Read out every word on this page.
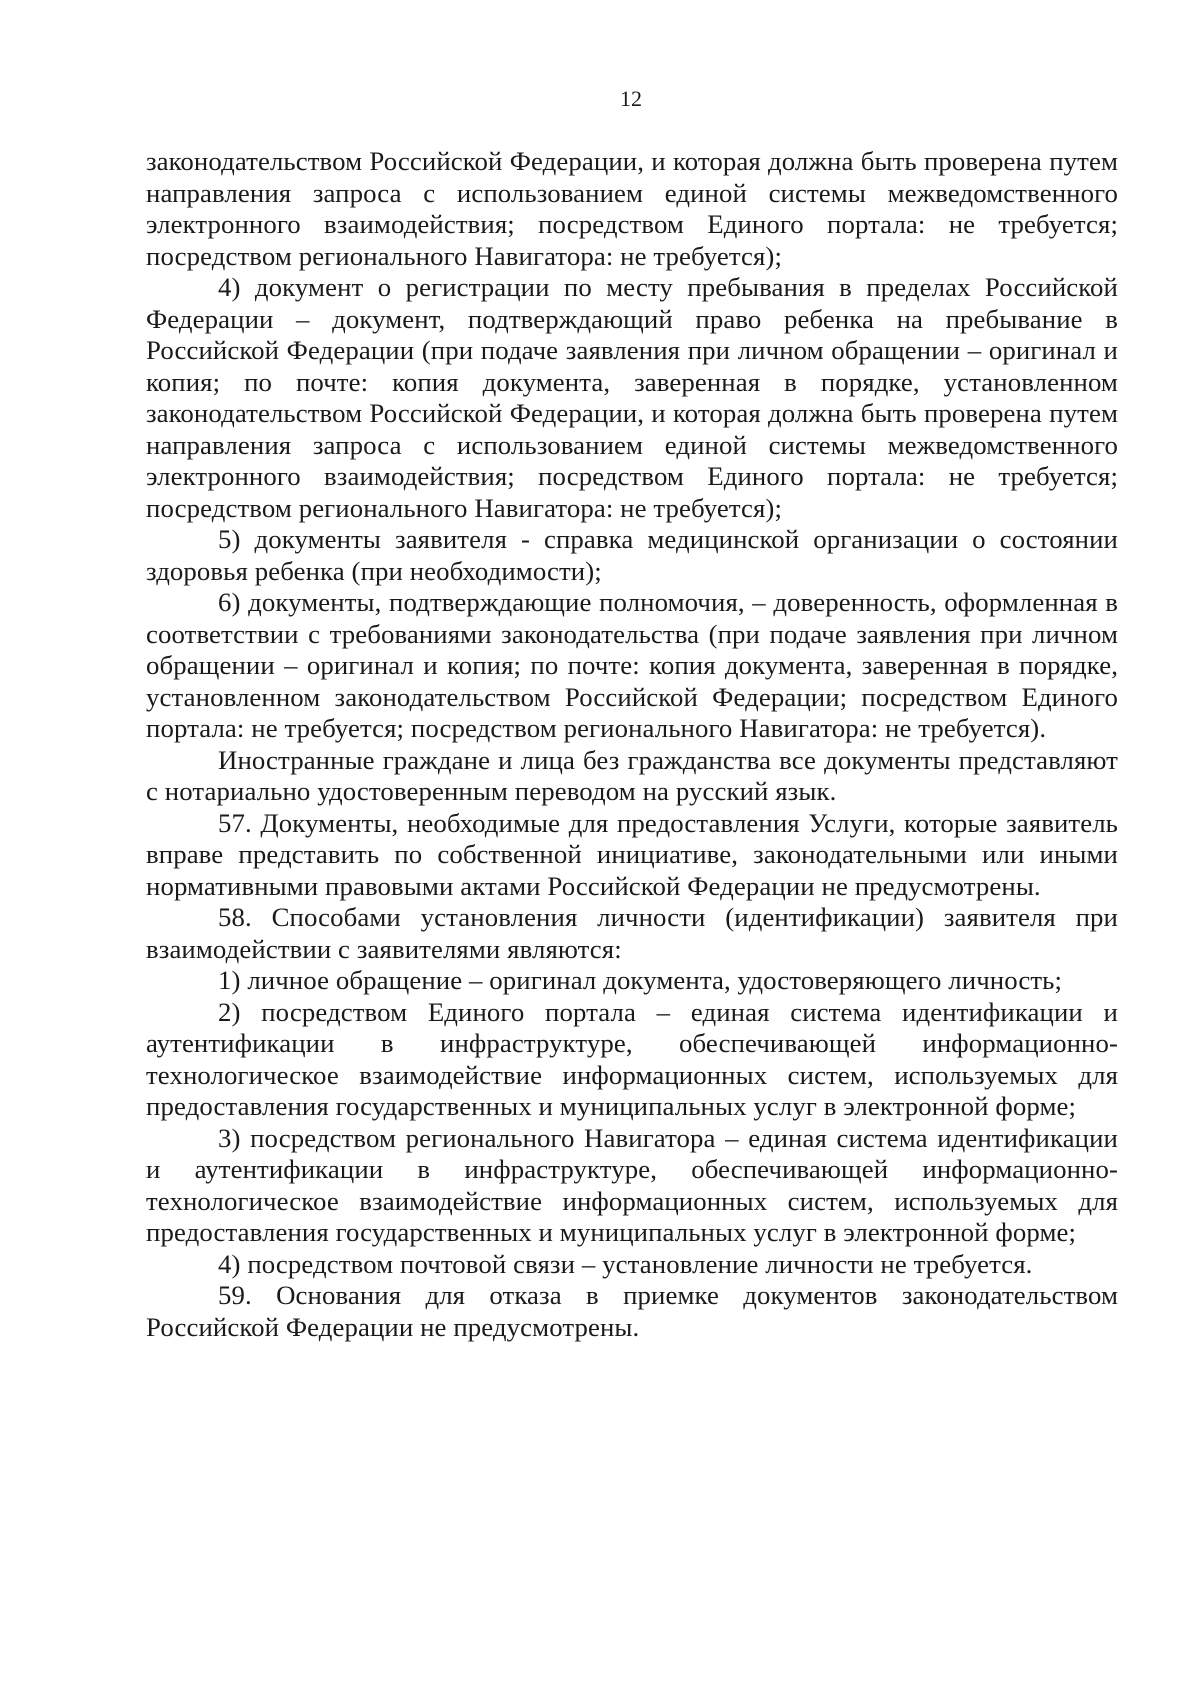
12

законодательством Российской Федерации, и которая должна быть проверена путем направления запроса с использованием единой системы межведомственного электронного взаимодействия; посредством Единого портала: не требуется; посредством регионального Навигатора: не требуется);

4) документ о регистрации по месту пребывания в пределах Российской Федерации – документ, подтверждающий право ребенка на пребывание в Российской Федерации (при подаче заявления при личном обращении – оригинал и копия; по почте: копия документа, заверенная в порядке, установленном законодательством Российской Федерации, и которая должна быть проверена путем направления запроса с использованием единой системы межведомственного электронного взаимодействия; посредством Единого портала: не требуется; посредством регионального Навигатора: не требуется);

5) документы заявителя - справка медицинской организации о состоянии здоровья ребенка (при необходимости);

6) документы, подтверждающие полномочия, – доверенность, оформленная в соответствии с требованиями законодательства (при подаче заявления при личном обращении – оригинал и копия; по почте: копия документа, заверенная в порядке, установленном законодательством Российской Федерации; посредством Единого портала: не требуется; посредством регионального Навигатора: не требуется).

Иностранные граждане и лица без гражданства все документы представляют с нотариально удостоверенным переводом на русский язык.

57. Документы, необходимые для предоставления Услуги, которые заявитель вправе представить по собственной инициативе, законодательными или иными нормативными правовыми актами Российской Федерации не предусмотрены.

58. Способами установления личности (идентификации) заявителя при взаимодействии с заявителями являются:

1) личное обращение – оригинал документа, удостоверяющего личность;

2) посредством Единого портала – единая система идентификации и аутентификации в инфраструктуре, обеспечивающей информационно-технологическое взаимодействие информационных систем, используемых для предоставления государственных и муниципальных услуг в электронной форме;

3) посредством регионального Навигатора – единая система идентификации и аутентификации в инфраструктуре, обеспечивающей информационно-технологическое взаимодействие информационных систем, используемых для предоставления государственных и муниципальных услуг в электронной форме;

4) посредством почтовой связи – установление личности не требуется.

59. Основания для отказа в приемке документов законодательством Российской Федерации не предусмотрены.
